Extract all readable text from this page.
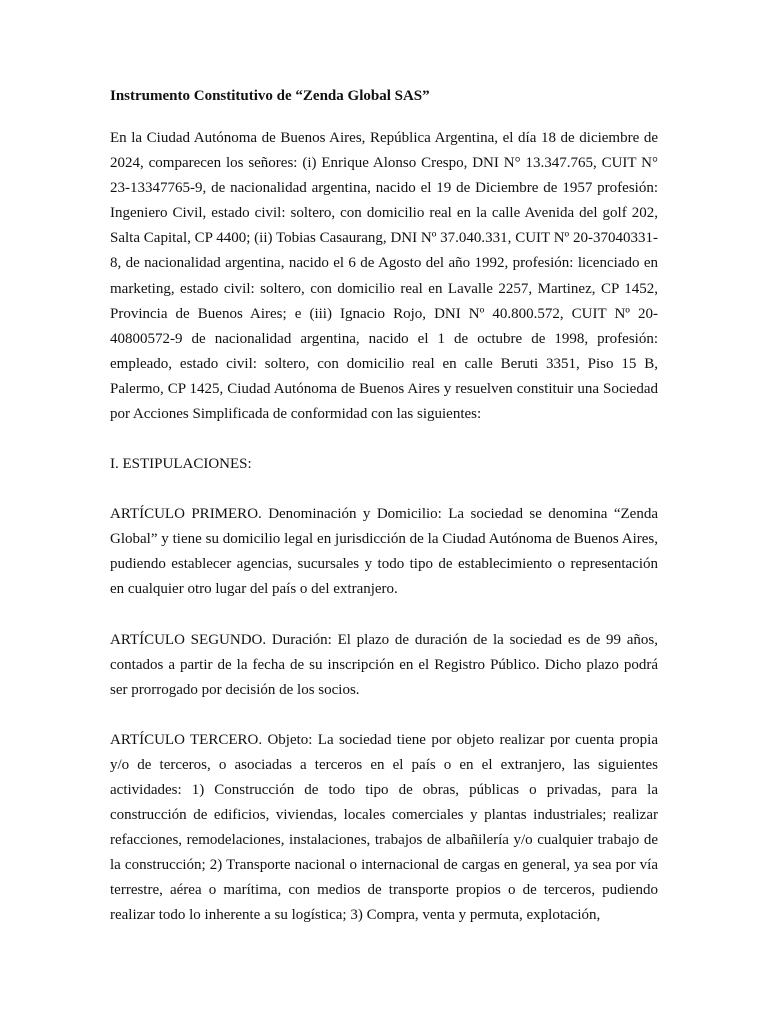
Instrumento Constitutivo de “Zenda Global SAS”

En la Ciudad Autónoma de Buenos Aires, República Argentina, el día 18 de diciembre de 2024, comparecen los señores: (i) Enrique Alonso Crespo, DNI N° 13.347.765, CUIT N° 23-13347765-9, de nacionalidad argentina, nacido el 19 de Diciembre de 1957 profesión: Ingeniero Civil, estado civil: soltero, con domicilio real en la calle Avenida del golf 202, Salta Capital, CP 4400; (ii) Tobias Casaurang, DNI Nº 37.040.331, CUIT Nº 20-37040331-8, de nacionalidad argentina, nacido el 6 de Agosto del año 1992, profesión: licenciado en marketing, estado civil: soltero, con domicilio real en Lavalle 2257, Martinez, CP 1452, Provincia de Buenos Aires; e (iii) Ignacio Rojo, DNI Nº 40.800.572, CUIT Nº 20-40800572-9 de nacionalidad argentina, nacido el 1 de octubre de 1998, profesión: empleado, estado civil: soltero, con domicilio real en calle Beruti 3351, Piso 15 B, Palermo, CP 1425, Ciudad Autónoma de Buenos Aires y resuelven constituir una Sociedad por Acciones Simplificada de conformidad con las siguientes:

I. ESTIPULACIONES:

ARTÍCULO PRIMERO. Denominación y Domicilio: La sociedad se denomina “Zenda Global” y tiene su domicilio legal en jurisdicción de la Ciudad Autónoma de Buenos Aires, pudiendo establecer agencias, sucursales y todo tipo de establecimiento o representación en cualquier otro lugar del país o del extranjero.

ARTÍCULO SEGUNDO. Duración: El plazo de duración de la sociedad es de 99 años, contados a partir de la fecha de su inscripción en el Registro Público. Dicho plazo podrá ser prorrogado por decisión de los socios.

ARTÍCULO TERCERO. Objeto: La sociedad tiene por objeto realizar por cuenta propia y/o de terceros, o asociadas a terceros en el país o en el extranjero, las siguientes actividades: 1) Construcción de todo tipo de obras, públicas o privadas, para la construcción de edificios, viviendas, locales comerciales y plantas industriales; realizar refacciones, remodelaciones, instalaciones, trabajos de albañilería y/o cualquier trabajo de la construcción; 2) Transporte nacional o internacional de cargas en general, ya sea por vía terrestre, aérea o marítima, con medios de transporte propios o de terceros, pudiendo realizar todo lo inherente a su logística; 3) Compra, venta y permuta, explotación,
